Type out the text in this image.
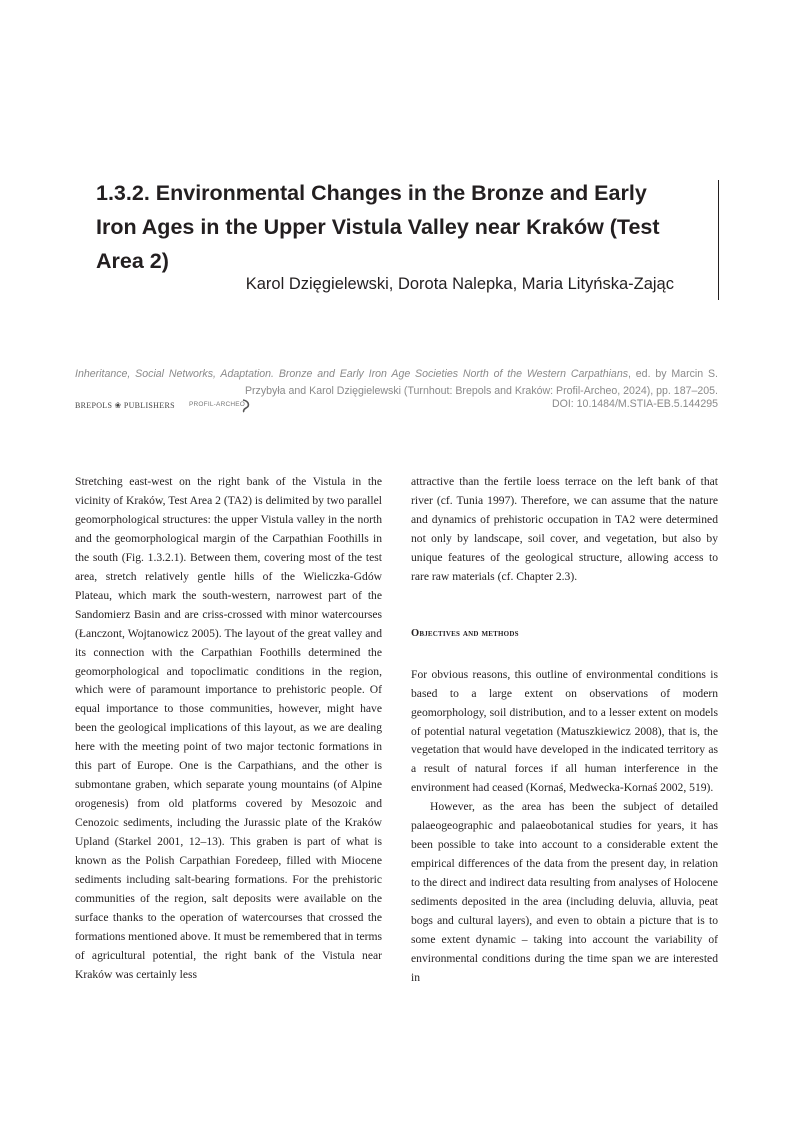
1.3.2. Environmental Changes in the Bronze and Early Iron Ages in the Upper Vistula Valley near Kraków (Test Area 2)
Karol Dzięgielewski, Dorota Nalepka, Maria Lityńska-Zając
Inheritance, Social Networks, Adaptation. Bronze and Early Iron Age Societies North of the Western Carpathians, ed. by Marcin S. Przybyła and Karol Dzięgielewski (Turnhout: Brepols and Kraków: Profil-Archeo, 2024), pp. 187–205.
BREPOLS ❀ PUBLISHERS PROFIL-ARCHEO	DOI: 10.1484/M.STIA-EB.5.144295

Stretching east-west on the right bank of the Vistula in the vicinity of Kraków, Test Area 2 (TA2) is delimited by two parallel geomorphological structures: the upper Vistula valley in the north and the geomorphological margin of the Carpathian Foothills in the south (Fig. 1.3.2.1). Between them, covering most of the test area, stretch relatively gentle hills of the Wieliczka-Gdów Plateau, which mark the south-western, narrowest part of the Sandomierz Basin and are criss-crossed with minor watercourses (Łanczont, Wojtanowicz 2005). The layout of the great valley and its connection with the Carpathian Foothills determined the geomorphological and topoclimatic conditions in the region, which were of paramount importance to prehistoric people. Of equal importance to those communities, however, might have been the geological implications of this layout, as we are dealing here with the meeting point of two major tectonic formations in this part of Europe. One is the Carpathians, and the other is submontane graben, which separate young mountains (of Alpine orogenesis) from old platforms covered by Mesozoic and Cenozoic sediments, including the Jurassic plate of the Kraków Upland (Starkel 2001, 12–13). This graben is part of what is known as the Polish Carpathian Foredeep, filled with Miocene sediments including salt-bearing formations. For the prehistoric communities of the region, salt deposits were available on the surface thanks to the operation of watercourses that crossed the formations mentioned above. It must be remembered that in terms of agricultural potential, the right bank of the Vistula near Kraków was certainly less

attractive than the fertile loess terrace on the left bank of that river (cf. Tunia 1997). Therefore, we can assume that the nature and dynamics of prehistoric occupation in TA2 were determined not only by landscape, soil cover, and vegetation, but also by unique features of the geological structure, allowing access to rare raw materials (cf. Chapter 2.3).

Objectives and methods

For obvious reasons, this outline of environmental conditions is based to a large extent on observations of modern geomorphology, soil distribution, and to a lesser extent on models of potential natural vegetation (Matuszkiewicz 2008), that is, the vegetation that would have developed in the indicated territory as a result of natural forces if all human interference in the environment had ceased (Kornaś, Medwecka-Kornaś 2002, 519).

However, as the area has been the subject of detailed palaeogeographic and palaeobotanical studies for years, it has been possible to take into account to a considerable extent the empirical differences of the data from the present day, in relation to the direct and indirect data resulting from analyses of Holocene sediments deposited in the area (including deluvia, alluvia, peat bogs and cultural layers), and even to obtain a picture that is to some extent dynamic – taking into account the variability of environmental conditions during the time span we are interested in
